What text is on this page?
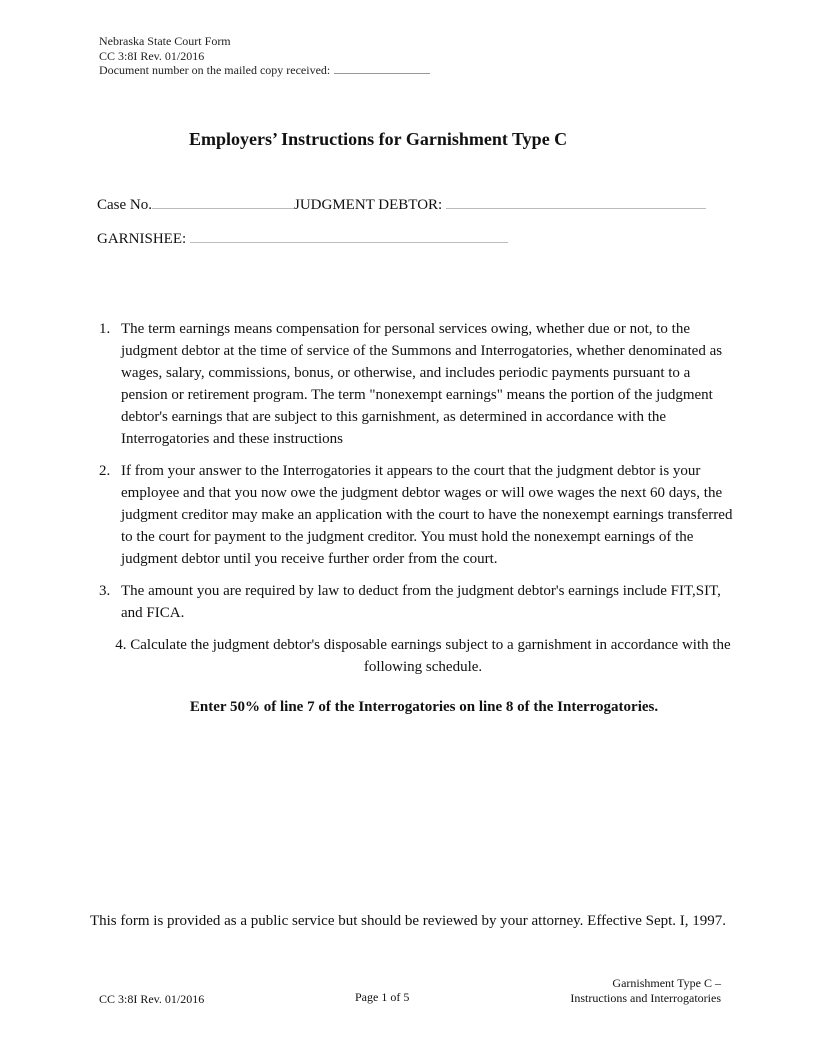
Nebraska State Court Form
CC 3:8I Rev. 01/2016
Document number on the mailed copy received:
Employers’ Instructions for Garnishment Type C
Case No.	JUDGMENT DEBTOR:
GARNISHEE:
1. The term earnings means compensation for personal services owing, whether due or not, to the judgment debtor at the time of service of the Summons and Interrogatories, whether denominated as wages, salary, commissions, bonus, or otherwise, and includes periodic payments pursuant to a pension or retirement program. The term "nonexempt earnings" means the portion of the judgment debtor's earnings that are subject to this garnishment, as determined in accordance with the Interrogatories and these instructions
2. If from your answer to the Interrogatories it appears to the court that the judgment debtor is your employee and that you now owe the judgment debtor wages or will owe wages the next 60 days, the judgment creditor may make an application with the court to have the nonexempt earnings transferred to the court for payment to the judgment creditor. You must hold the nonexempt earnings of the judgment debtor until you receive further order from the court.
3. The amount you are required by law to deduct from the judgment debtor's earnings include FIT,SIT, and FICA.
4. Calculate the judgment debtor's disposable earnings subject to a garnishment in accordance with the following schedule.
Enter 50% of line 7 of the Interrogatories on line 8 of the Interrogatories.
This form is provided as a public service but should be reviewed by your attorney. Effective Sept. I, 1997.
CC 3:8I Rev. 01/2016	Page 1 of 5
Garnishment Type C –
Instructions and Interrogatories
